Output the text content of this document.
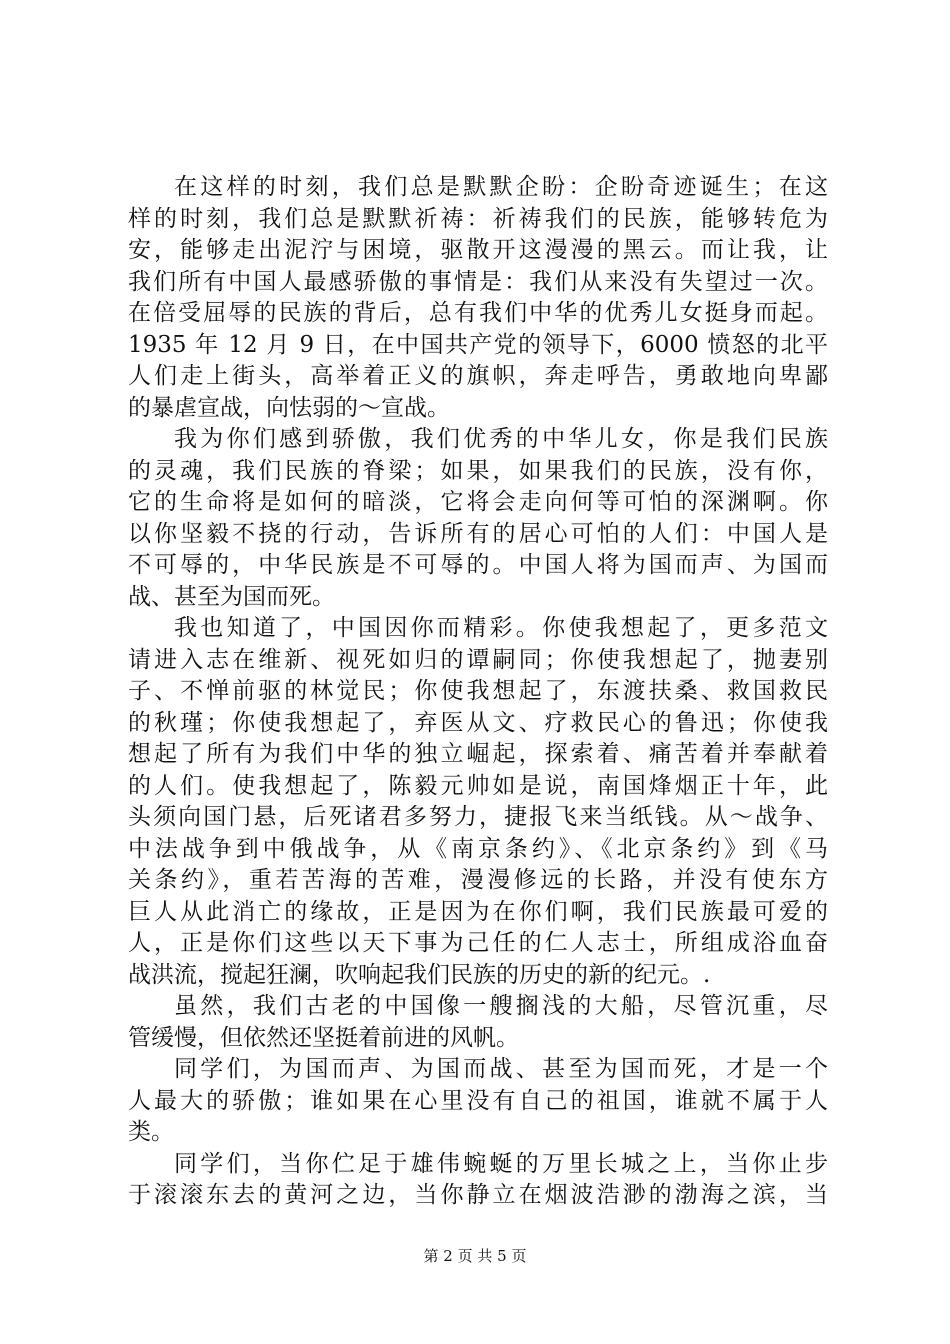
在这样的时刻，我们总是默默企盼：企盼奇迹诞生；在这
样的时刻，我们总是默默祈祷：祈祷我们的民族，能够转危为
安，能够走出泥泞与困境，驱散开这漫漫的黑云。而让我，让
我们所有中国人最感骄傲的事情是：我们从来没有失望过一次。
在倍受屈辱的民族的背后，总有我们中华的优秀儿女挺身而起。
1935 年 12 月 9 日，在中国共产党的领导下，6000 愤怒的北平
人们走上街头，高举着正义的旗帜，奔走呼告，勇敢地向卑鄙
的暴虐宣战，向怯弱的～宣战。
我为你们感到骄傲，我们优秀的中华儿女，你是我们民族
的灵魂，我们民族的脊梁；如果，如果我们的民族，没有你，
它的生命将是如何的暗淡，它将会走向何等可怕的深渊啊。你
以你坚毅不挠的行动，告诉所有的居心可怕的人们：中国人是
不可辱的，中华民族是不可辱的。中国人将为国而声、为国而
战、甚至为国而死。
我也知道了，中国因你而精彩。你使我想起了，更多范文
请进入志在维新、视死如归的谭嗣同；你使我想起了，抛妻别
子、不惮前驱的林觉民；你使我想起了，东渡扶桑、救国救民
的秋瑾；你使我想起了，弃医从文、疗救民心的鲁迅；你使我
想起了所有为我们中华的独立崛起，探索着、痛苦着并奉献着
的人们。使我想起了，陈毅元帅如是说，南国烽烟正十年，此
头须向国门悬，后死诸君多努力，捷报飞来当纸钱。从～战争、
中法战争到中俄战争，从《南京条约》、《北京条约》到《马
关条约》，重若苦海的苦难，漫漫修远的长路，并没有使东方
巨人从此消亡的缘故，正是因为在你们啊，我们民族最可爱的
人，正是你们这些以天下事为己任的仁人志士，所组成浴血奋
战洪流，搅起狂澜，吹响起我们民族的历史的新的纪元。.
虽然，我们古老的中国像一艘搁浅的大船，尽管沉重，尽
管缓慢，但依然还坚挺着前进的风帆。
同学们，为国而声、为国而战、甚至为国而死，才是一个
人最大的骄傲；谁如果在心里没有自己的祖国，谁就不属于人
类。
同学们，当你伫足于雄伟蜿蜒的万里长城之上，当你止步
于滚滚东去的黄河之边，当你静立在烟波浩渺的渤海之滨，当
第 2 页 共 5 页
